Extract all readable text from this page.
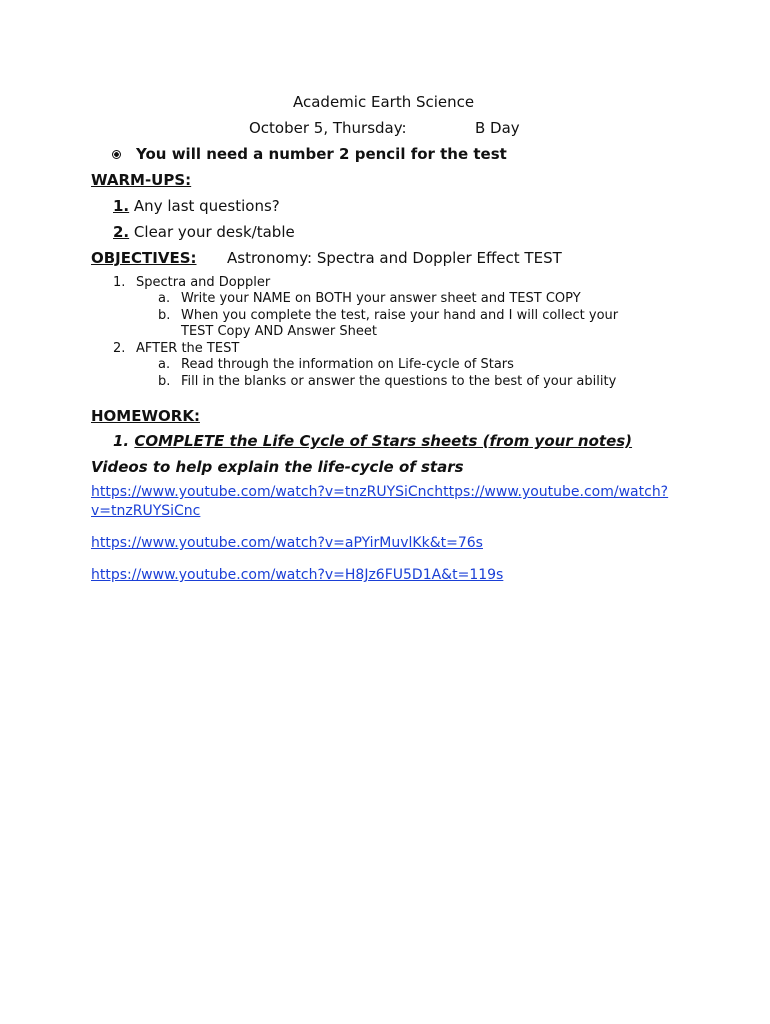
Academic Earth Science
October 5, Thursday:	B Day
You will need a number 2 pencil for the test
WARM-UPS:
1. Any last questions?
2. Clear your desk/table
OBJECTIVES: Astronomy: Spectra and Doppler Effect TEST
1. Spectra and Doppler
a. Write your NAME on BOTH your answer sheet and TEST COPY
b. When you complete the test, raise your hand and I will collect your
TEST Copy AND Answer Sheet
2. AFTER the TEST
a. Read through the information on Life-cycle of Stars
b. Fill in the blanks or answer the questions to the best of your ability
HOMEWORK:
1. COMPLETE the Life Cycle of Stars sheets (from your notes)
Videos to help explain the life-cycle of stars
https://www.youtube.com/watch?v=tnzRUYSiCnchttps://www.youtube.com/watch?
v=tnzRUYSiCnc
https://www.youtube.com/watch?v=aPYirMuvlKk&t=76s
https://www.youtube.com/watch?v=H8Jz6FU5D1A&t=119s
